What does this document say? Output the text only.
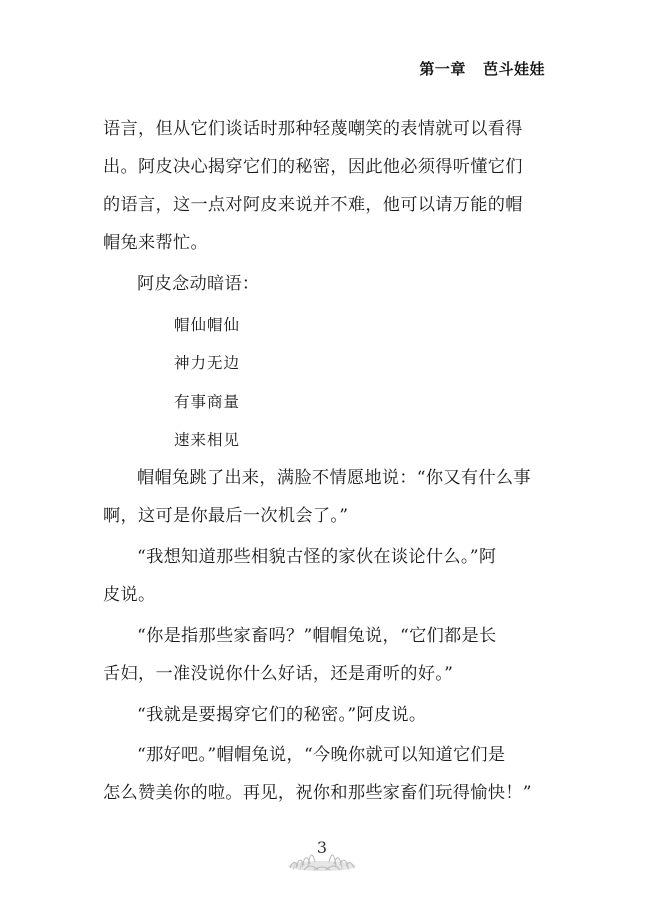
第一章   芭斗娃娃
语言，但从它们谈话时那种轻蔑嘲笑的表情就可以看得
出。阿皮决心揭穿它们的秘密，因此他必须得听懂它们
的语言，这一点对阿皮来说并不难，他可以请万能的帽
帽兔来帮忙。
阿皮念动暗语：
帽仙帽仙
神力无边
有事商量
速来相见
帽帽兔跳了出来，满脸不情愿地说：“你又有什么事
啊，这可是你最后一次机会了。”
“我想知道那些相貌古怪的家伙在谈论什么。”阿
皮说。
“你是指那些家畜吗？”帽帽兔说，“它们都是长
舌妇，一准没说你什么好话，还是甭听的好。”
“我就是要揭穿它们的秘密。”阿皮说。
“那好吧。”帽帽兔说，“今晚你就可以知道它们是
怎么赞美你的啦。再见，祝你和那些家畜们玩得愉快！”
3
